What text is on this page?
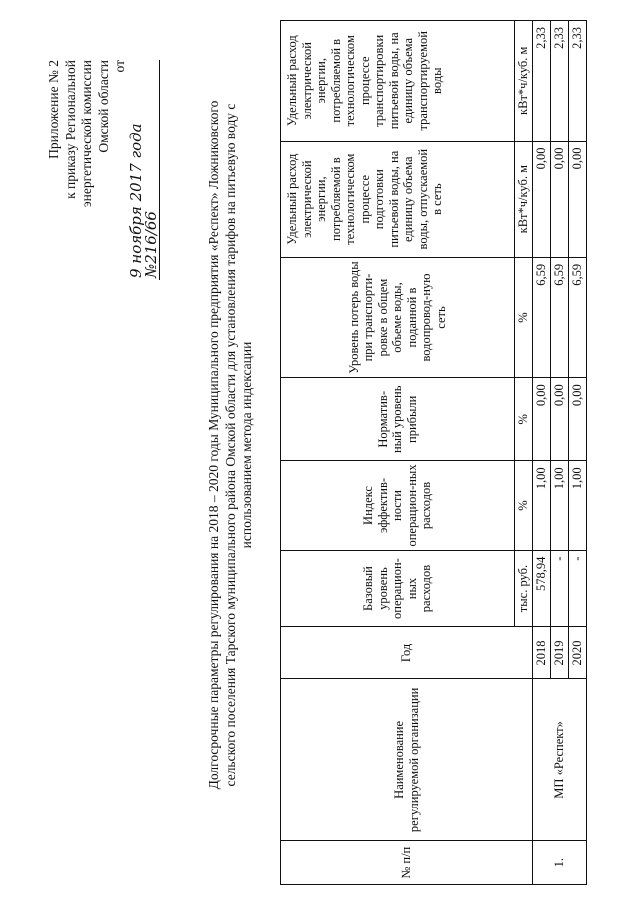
Приложение № 2 к приказу Региональной энергетической комиссии Омской области от 9 ноября 2017 года №216/66	Долгосрочные параметры регулирования на 2018 – 2020 годы Муниципального предприятия «Респект» Ложниковского сельского поселения Тарского муниципального района Омской области для установления тарифов на питьевую воду с использованием метода индексации
№ п/п	Наименование регулируемой организации	Год	Базовый уровень операцион-ных расходов	Индекс эффектив-ности операцион-ных расходов	Норматив-ный уровень прибыли	Уровень потерь воды при транспорти-ровке в общем объеме воды, поданной в водопровод-ную сеть	Удельный расход электрической энергии, потребляемой в технологическом процессе подготовки питьевой воды, на единицу объема воды, отпускаемой в сеть	Удельный расход электрической энергии, потребляемой в технологическом процессе транспортировки питьевой воды, на единицу объема транспортируемой воды
			тыс. руб.	%	%	%	кВт*ч/куб. м	кВт*ч/куб. м
1.	МП «Респект»	2018	578,94	1,00	0,00	6,59	0,00	2,33
		2019	-	1,00	0,00	6,59	0,00	2,33
		2020	-	1,00	0,00	6,59	0,00	2,33
